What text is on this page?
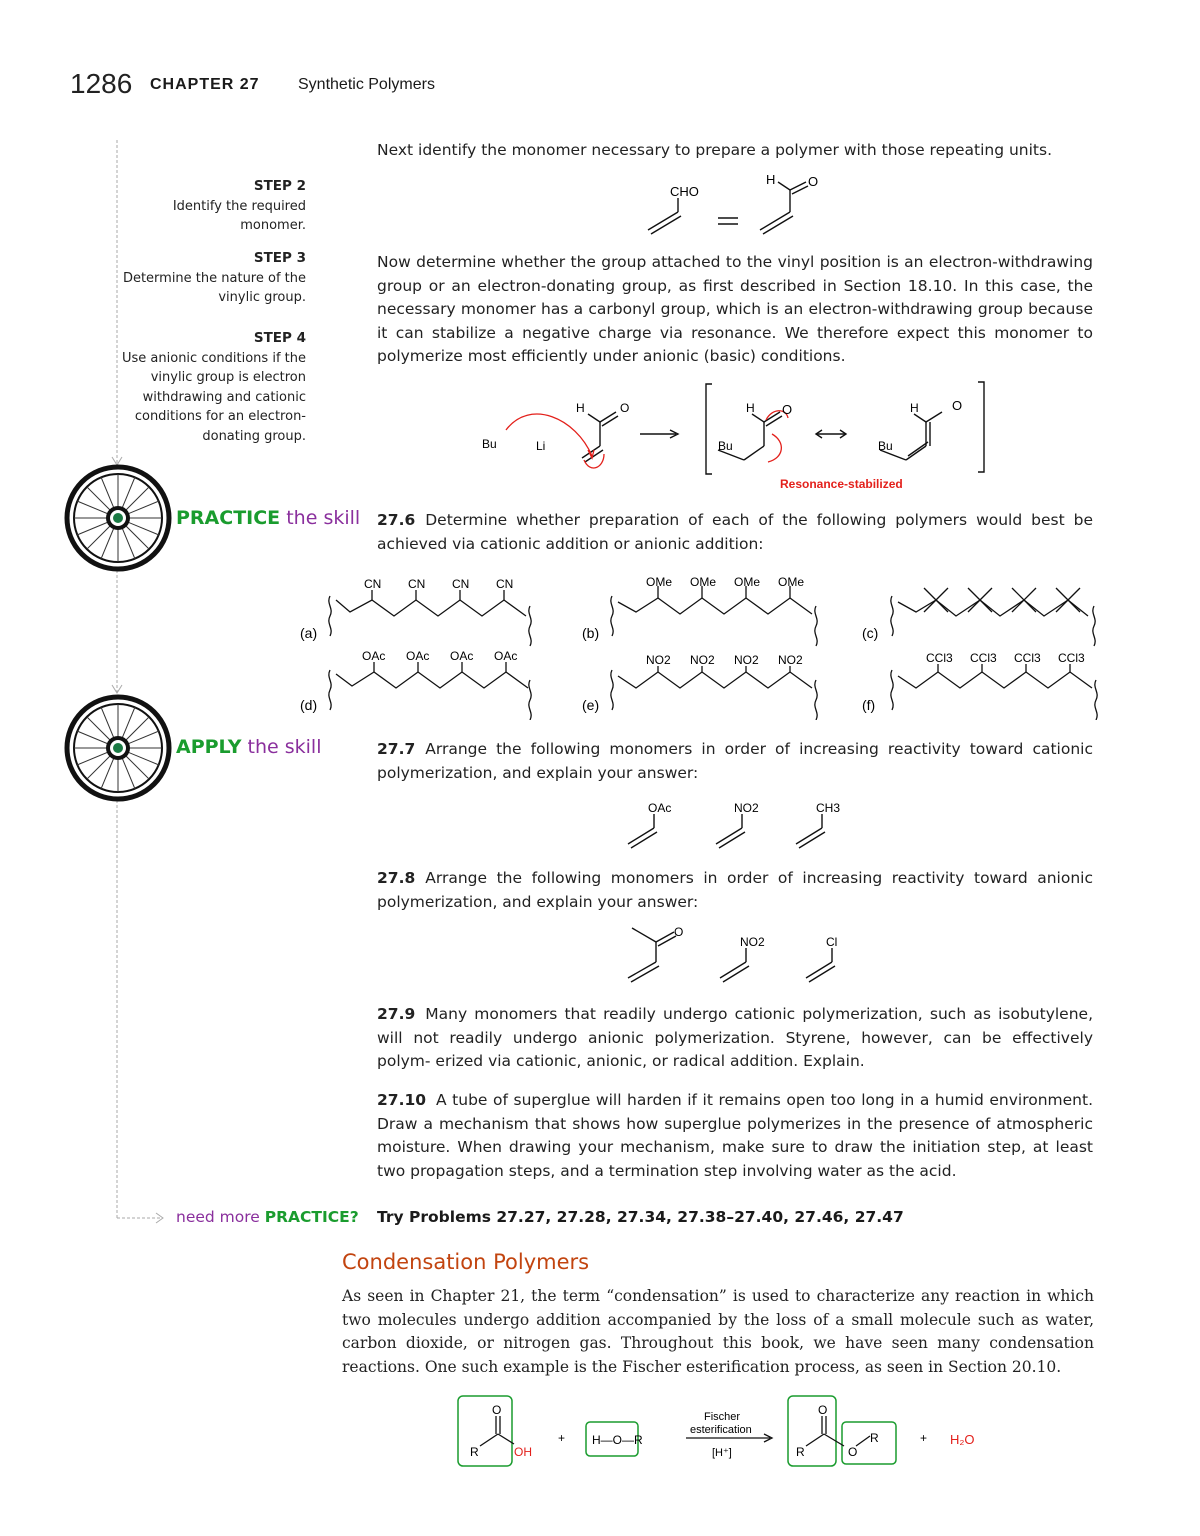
1286 CHAPTER 27 Synthetic Polymers
STEP 2
Identify the required monomer.
STEP 3
Determine the nature of the vinylic group.
STEP 4
Use anionic conditions if the vinylic group is electron withdrawing and cationic conditions for an electron-donating group.
PRACTICE the skill
APPLY the skill
Next identify the monomer necessary to prepare a polymer with those repeating units.
CHO
H	O
Now determine whether the group attached to the vinyl position is an electron-withdrawing group or an electron-donating group, as first described in Section 18.10. In this case, the necessary monomer has a carbonyl group, which is an electron-withdrawing group because it can stabilize a negative charge via resonance. We therefore expect this monomer to polymerize most efficiently under anionic (basic) conditions.
Bu	Li
H	O
Bu
H O
Bu
H	O
Resonance-stabilized
27.6 Determine whether preparation of each of the following polymers would best be achieved via cationic addition or anionic addition:
(a)	(b)	(c)
(d)	(e)	(f)
CN CN CN CN	OMe OMe OMe OMe
OAc OAc OAc OAc	NO2 NO2 NO2 NO2	CCl3 CCl3 CCl3 CCl3
27.7 Arrange the following monomers in order of increasing reactivity toward cationic polymerization, and explain your answer:
OAc	NO2	CH3
27.8 Arrange the following monomers in order of increasing reactivity toward anionic polymerization, and explain your answer:
O
NO2	Cl
27.9 Many monomers that readily undergo cationic polymerization, such as isobutylene, will not readily undergo anionic polymerization. Styrene, however, can be effectively polym- erized via cationic, anionic, or radical addition. Explain.
27.10 A tube of superglue will harden if it remains open too long in a humid environment. Draw a mechanism that shows how superglue polymerizes in the presence of atmospheric moisture. When drawing your mechanism, make sure to draw the initiation step, at least two propagation steps, and a termination step involving water as the acid.
need more PRACTICE? Try Problems 27.27, 27.28, 27.34, 27.38–27.40, 27.46, 27.47
Condensation Polymers
As seen in Chapter 21, the term “condensation” is used to characterize any reaction in which two molecules undergo addition accompanied by the loss of a small molecule such as water, carbon dioxide, or nitrogen gas. Throughout this book, we have seen many condensation reactions. One such example is the Fischer esterification process, as seen in Section 20.10.
O
R	OH
+ H—O—R
Fischer
esterification
[H⁺]
O
R	O
R	+ H₂O
